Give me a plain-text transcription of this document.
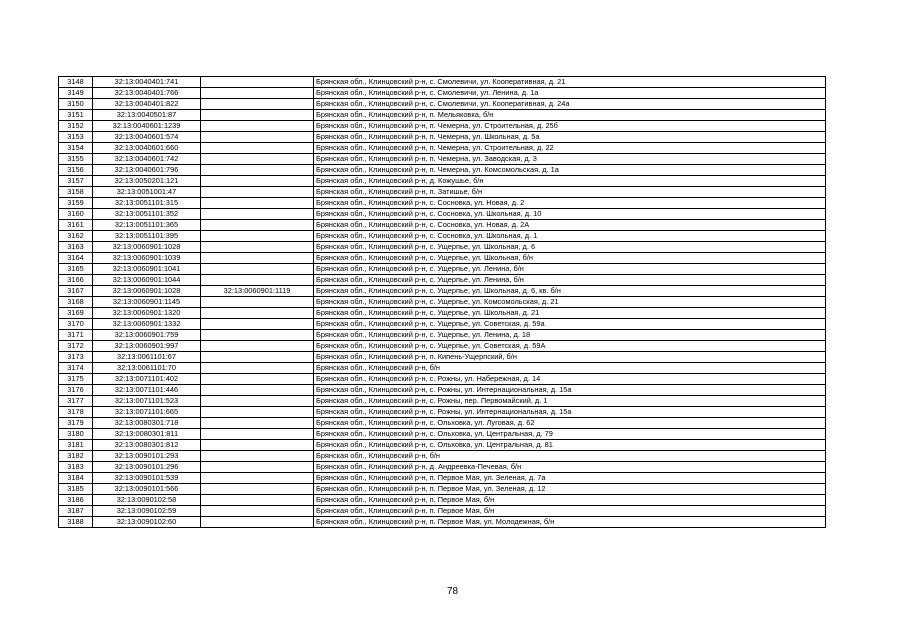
3148	32:13:0040401:741		Брянская обл., Клинцовский р-н, с. Смолевичи, ул. Кооперативная, д. 21
3149	32:13:0040401:766		Брянская обл., Клинцовский р-н, с. Смолевичи, ул. Ленина, д. 1а
3150	32:13:0040401:822		Брянская обл., Клинцовский р-н, с. Смолевичи, ул. Кооперативная, д. 24а
3151	32:13:0040501:87		Брянская обл., Клинцовский р-н, п. Мельяковка, б/н
3152	32:13:0040601:1239		Брянская обл., Клинцовский р-н, п. Чемерна, ул. Строительная, д. 25б
3153	32:13:0040601:574		Брянская обл., Клинцовский р-н, п. Чемерна, ул. Школьная, д. 5а
3154	32:13:0040601:660		Брянская обл., Клинцовский р-н, п. Чемерна, ул. Строительная, д. 22
3155	32:13:0040601:742		Брянская обл., Клинцовский р-н, п. Чемерна, ул. Заводская, д. 3
3156	32:13:0040601:796		Брянская обл., Клинцовский р-н, п. Чемерна, ул. Комсомольская, д. 1а
3157	32:13:0050201:121		Брянская обл., Клинцовский р-н, д. Кожушье, б/н
3158	32:13:0051001:47		Брянская обл., Клинцовский р-н, п. Затишье, б/н
3159	32:13:0051101:315		Брянская обл., Клинцовский р-н, с. Сосновка, ул. Новая, д. 2
3160	32:13:0051101:352		Брянская обл., Клинцовский р-н, с. Сосновка, ул. Школьная, д. 10
3161	32:13:0051101:365		Брянская обл., Клинцовский р-н, с. Сосновка, ул. Новая, д. 2А
3162	32:13:0051101:395		Брянская обл., Клинцовский р-н, с. Сосновка, ул. Школьная, д. 1
3163	32:13:0060901:1028		Брянская обл., Клинцовский р-н, с. Ущерпье, ул. Школьная, д. 6
3164	32:13:0060901:1039		Брянская обл., Клинцовский р-н, с. Ущерпье, ул. Школьная, б/н
3165	32:13:0060901:1041		Брянская обл., Клинцовский р-н, с. Ущерпье, ул. Ленина, б/н
3166	32:13:0060901:1044		Брянская обл., Клинцовский р-н, с. Ущерпье, ул. Ленина, б/н
3167	32:13:0060901:1028	32:13:0060901:1119	Брянская обл., Клинцовский р-н, с. Ущерпье, ул. Школьная, д. 6, кв. б/н
3168	32:13:0060901:1145		Брянская обл., Клинцовский р-н, с. Ущерпье, ул. Комсомольская, д. 21
3169	32:13:0060901:1320		Брянская обл., Клинцовский р-н, с. Ущерпье, ул. Школьная, д. 21
3170	32:13:0060901:1332		Брянская обл., Клинцовский р-н, с. Ущерпье, ул. Советская, д. 59а
3171	32:13:0060901:759		Брянская обл., Клинцовский р-н, с. Ущерпье, ул. Ленина, д. 18
3172	32:13:0060901:997		Брянская обл., Клинцовский р-н, с. Ущерпье, ул. Советская, д. 59А
3173	32:13:0061101:67		Брянская обл., Клинцовский р-н, п. Кипень-Ущерпский, б/н
3174	32:13:0061101:70		Брянская обл., Клинцовский р-н, б/н
3175	32:13:0071101:402		Брянская обл., Клинцовский р-н, с. Рожны, ул. Набережная, д. 14
3176	32:13:0071101:446		Брянская обл., Клинцовский р-н, с. Рожны, ул. Интернациональная, д. 15а
3177	32:13:0071101:523		Брянская обл., Клинцовский р-н, с. Рожны, пер. Первомайский, д. 1
3178	32:13:0071101:665		Брянская обл., Клинцовский р-н, с. Рожны, ул. Интернациональная, д. 15а
3179	32:13:0080301:718		Брянская обл., Клинцовский р-н, с. Ольховка, ул. Луговая, д. 62
3180	32:13:0080301:811		Брянская обл., Клинцовский р-н, с. Ольховка, ул. Центральная, д. 79
3181	32:13:0080301:812		Брянская обл., Клинцовский р-н, с. Ольховка, ул. Центральная, д. 81
3182	32:13:0090101:293		Брянская обл., Клинцовский р-н, б/н
3183	32:13:0090101:296		Брянская обл., Клинцовский р-н, д. Андреевка-Печевая, б/н
3184	32:13:0090101:539		Брянская обл., Клинцовский р-н, п. Первое Мая, ул. Зеленая, д. 7а
3185	32:13:0090101:566		Брянская обл., Клинцовский р-н, п. Первое Мая, ул. Зеленая, д. 12
3186	32:13:0090102:58		Брянская обл., Клинцовский р-н, п. Первое Мая, б/н
3187	32:13:0090102:59		Брянская обл., Клинцовский р-н, п. Первое Мая, б/н
3188	32:13:0090102:60		Брянская обл., Клинцовский р-н, п. Первое Мая, ул. Молодежная, б/н
78
